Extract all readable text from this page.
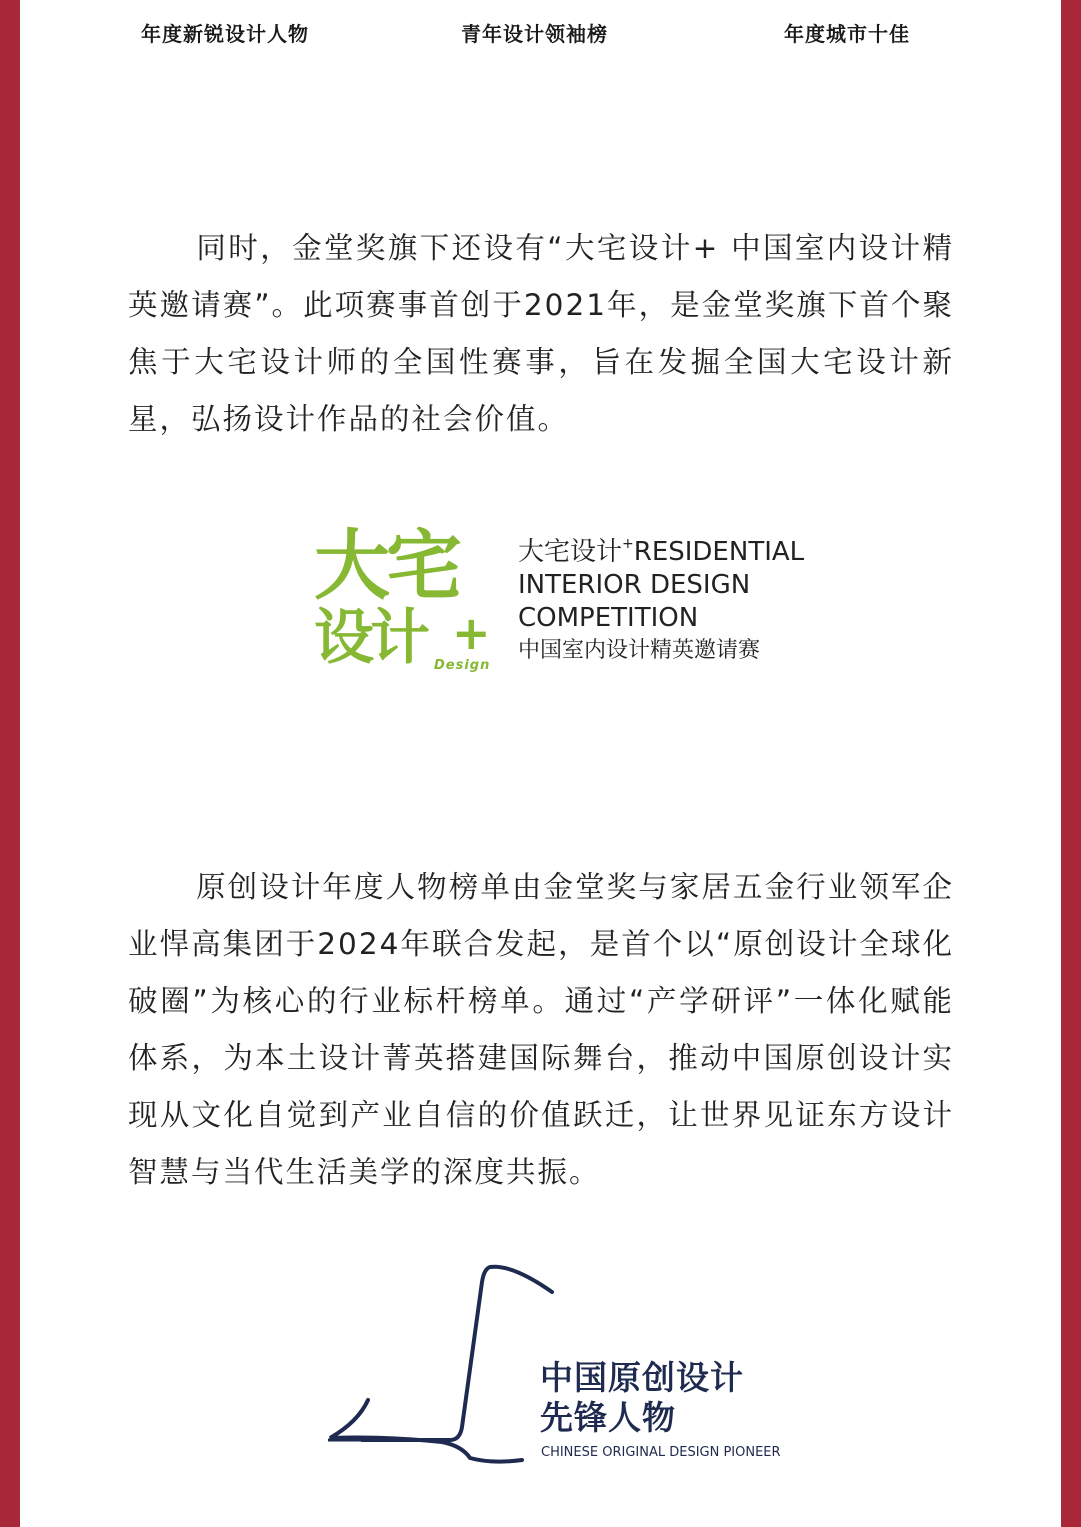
年度新锐设计人物	青年设计领袖榜	年度城市十佳

同时，金堂奖旗下还设有“大宅设计+ 中国室内设计精英邀请赛”。此项赛事首创于2021年，是金堂奖旗下首个聚焦于大宅设计师的全国性赛事，旨在发掘全国大宅设计新星，弘扬设计作品的社会价值。

大宅
设计 +
Design
大宅设计+RESIDENTIAL
INTERIOR DESIGN
COMPETITION
中国室内设计精英邀请赛

原创设计年度人物榜单由金堂奖与家居五金行业领军企业悍高集团于2024年联合发起，是首个以“原创设计全球化破圈”为核心的行业标杆榜单。通过“产学研评”一体化赋能体系，为本土设计菁英搭建国际舞台，推动中国原创设计实现从文化自觉到产业自信的价值跃迁，让世界见证东方设计智慧与当代生活美学的深度共振。

中国原创设计
先锋人物
CHINESE ORIGINAL DESIGN PIONEER
